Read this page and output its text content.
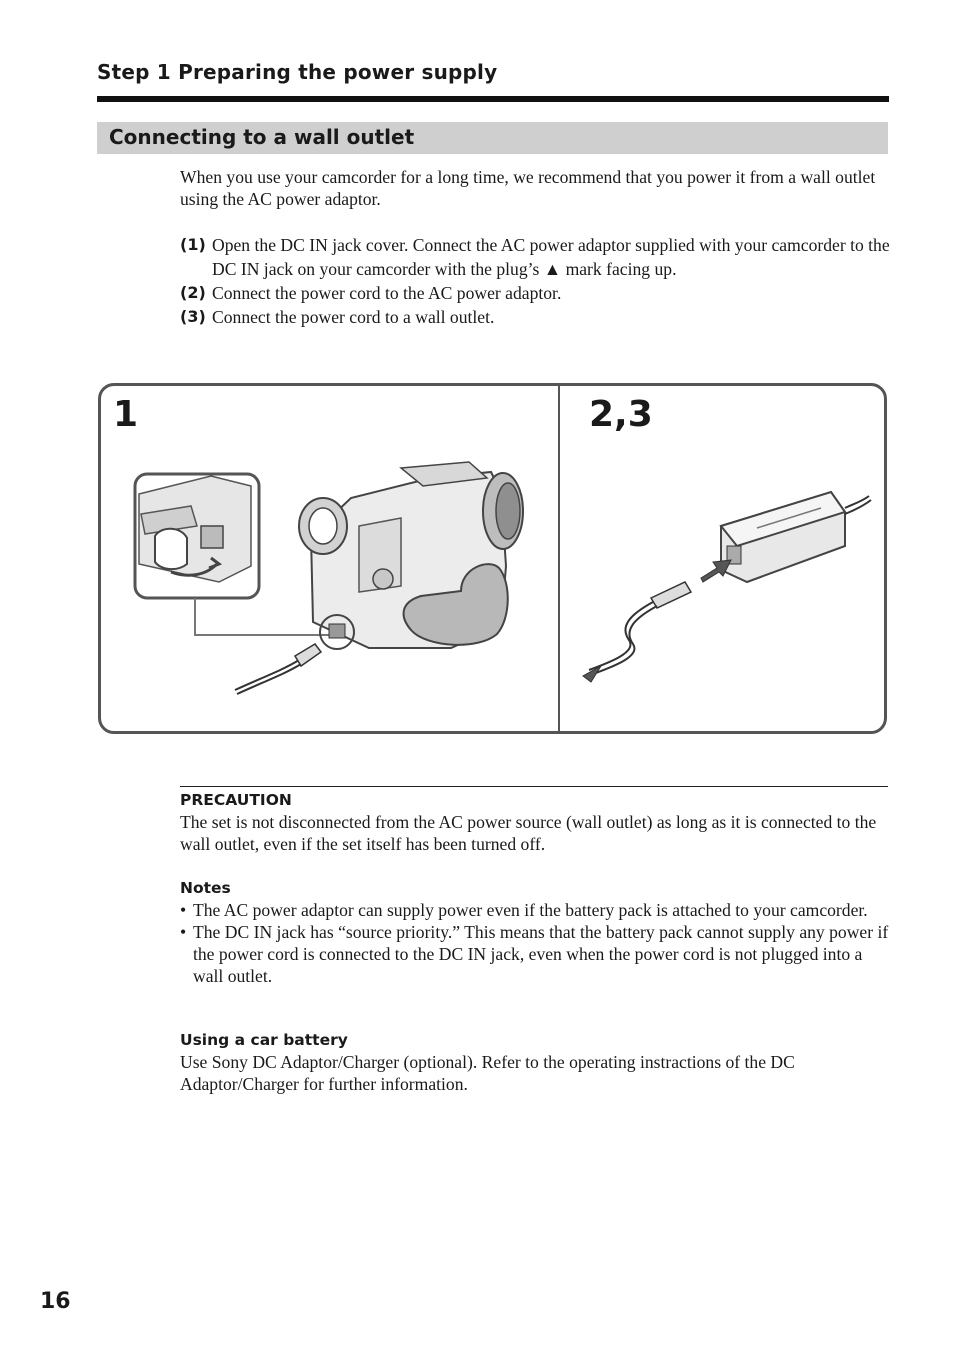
Step 1 Preparing the power supply
Connecting to a wall outlet
When you use your camcorder for a long time, we recommend that you power it from a wall outlet using the AC power adaptor.
(1) Open the DC IN jack cover. Connect the AC power adaptor supplied with your camcorder to the DC IN jack on your camcorder with the plug’s ▲ mark facing up.
(2) Connect the power cord to the AC power adaptor.
(3) Connect the power cord to a wall outlet.
1	2,3
PRECAUTION
The set is not disconnected from the AC power source (wall outlet) as long as it is connected to the wall outlet, even if the set itself has been turned off.
Notes
• The AC power adaptor can supply power even if the battery pack is attached to your camcorder.
• The DC IN jack has “source priority.” This means that the battery pack cannot supply any power if the power cord is connected to the DC IN jack, even when the power cord is not plugged into a wall outlet.
Using a car battery
Use Sony DC Adaptor/Charger (optional). Refer to the operating instractions of the DC Adaptor/Charger for further information.
16
